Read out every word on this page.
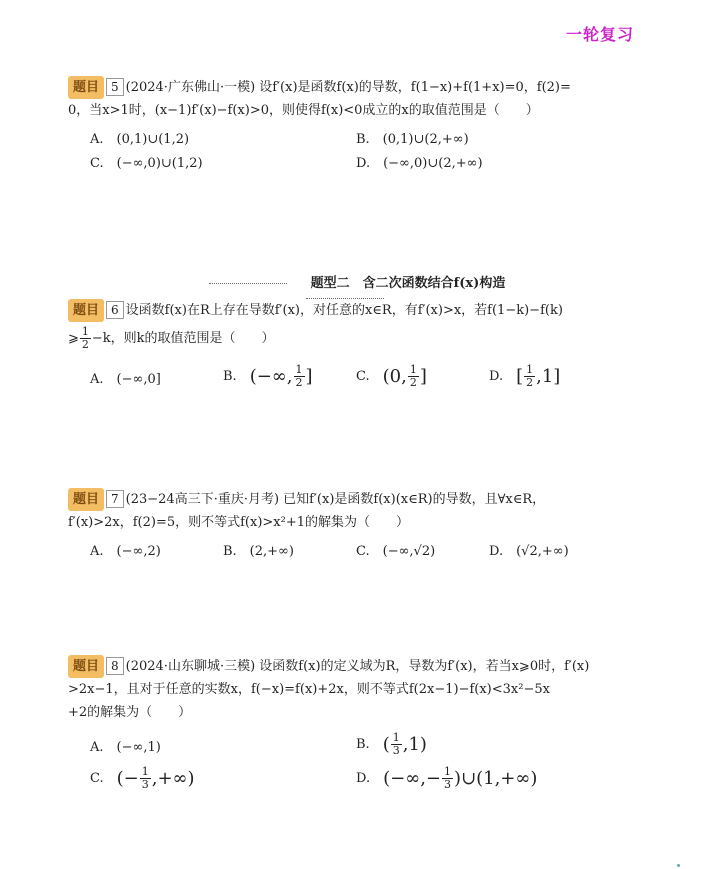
一轮复习
题目 5 (2024·广东佛山·一模) 设f′(x)是函数f(x)的导数，f(1−x)+f(1+x)=0，f(2)=
0，当x>1时，(x−1)f′(x)−f(x)>0，则使得f(x)<0成立的x的取值范围是（　　）
A.　(0,1)∪(1,2)	B.　(0,1)∪(2,+∞)
C.　(−∞,0)∪(1,2)	D.　(−∞,0)∪(2,+∞)
题型二　含二次函数结合f(x)构造
题目 6 设函数f(x)在R上存在导数f′(x)，对任意的x∈R，有f′(x)>x，若f(1−k)−f(k)
⩾ $\frac{1}{2} -k$，则k的取值范围是（　　）
A.　(−∞,0]	B.　(−∞, $\frac{1}{2}$ ]	C.　(0, $\frac{1}{2}$ ]	D.　[ $\frac{1}{2} ,1$]
题目 7 (23−24高三下·重庆·月考) 已知f′(x)是函数f(x)(x∈R)的导数，且∀x∈R，
f′(x)>2x，f(2)=5，则不等式f(x)>x²+1的解集为（　　）
A.　(−∞,2)	B.　(2,+∞)	C.　(−∞,√2)	D.　(√2,+∞)
题目 8 (2024·山东聊城·三模) 设函数f(x)的定义域为R，导数为f′(x)，若当x⩾0时，f′(x)
>2x−1，且对于任意的实数x，f(−x)=f(x)+2x，则不等式f(2x−1)−f(x)<3x²−5x
+2的解集为（　　）
A.　(−∞,1)	B.　( $\frac{1}{3} ,1$)
C.　(− $\frac{1}{3}$ ,+∞)	D.　(−∞,− $\frac{1}{3}$ )∪(1,+∞)
